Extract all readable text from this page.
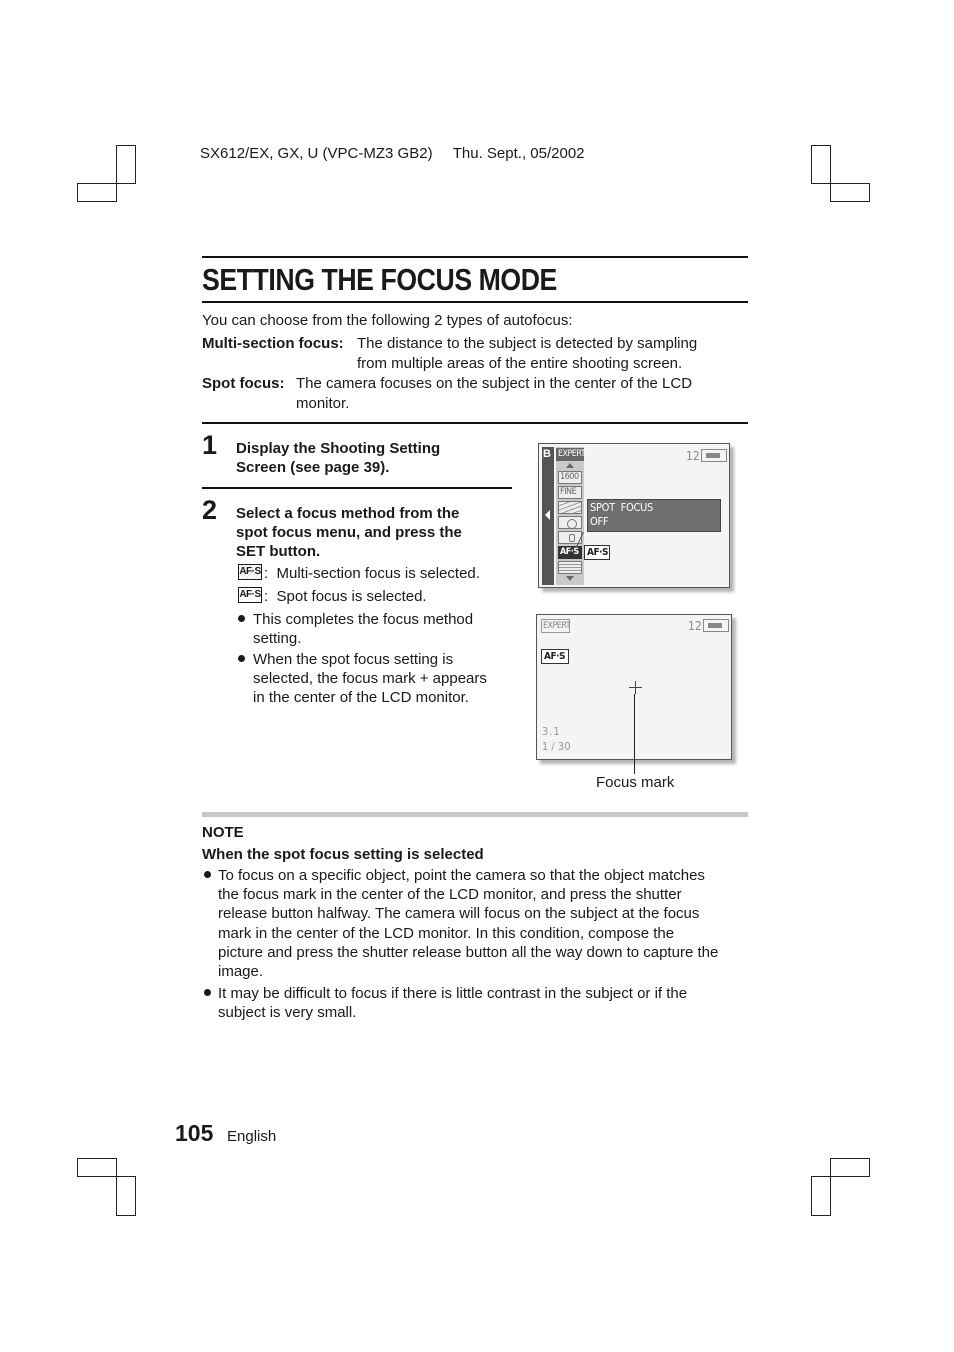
SX612/EX, GX, U (VPC-MZ3 GB2) Thu. Sept., 05/2002
SETTING THE FOCUS MODE
You can choose from the following 2 types of autofocus:
Multi-section focus: The distance to the subject is detected by sampling
from multiple areas of the entire shooting screen.
Spot focus: The camera focuses on the subject in the center of the LCD
monitor.
1 Display the Shooting Setting
Screen (see page 39).
2 Select a focus method from the
spot focus menu, and press the
SET button.
AF·S :  Multi-section focus is selected.
AF·S :  Spot focus is selected.
This completes the focus method
setting.
When the spot focus setting is
selected, the focus mark + appears
in the center of the LCD monitor.
B EXPERT
1600
FINE
AF·S
12
SPOT  FOCUS
OFF
AF·S
EXPERT	12
AF·S
3.1
1 / 30
Focus mark
NOTE
When the spot focus setting is selected
To focus on a specific object, point the camera so that the object matches
the focus mark in the center of the LCD monitor, and press the shutter
release button halfway. The camera will focus on the subject at the focus
mark in the center of the LCD monitor. In this condition, compose the
picture and press the shutter release button all the way down to capture the
image.
It may be difficult to focus if there is little contrast in the subject or if the
subject is very small.
105 English
